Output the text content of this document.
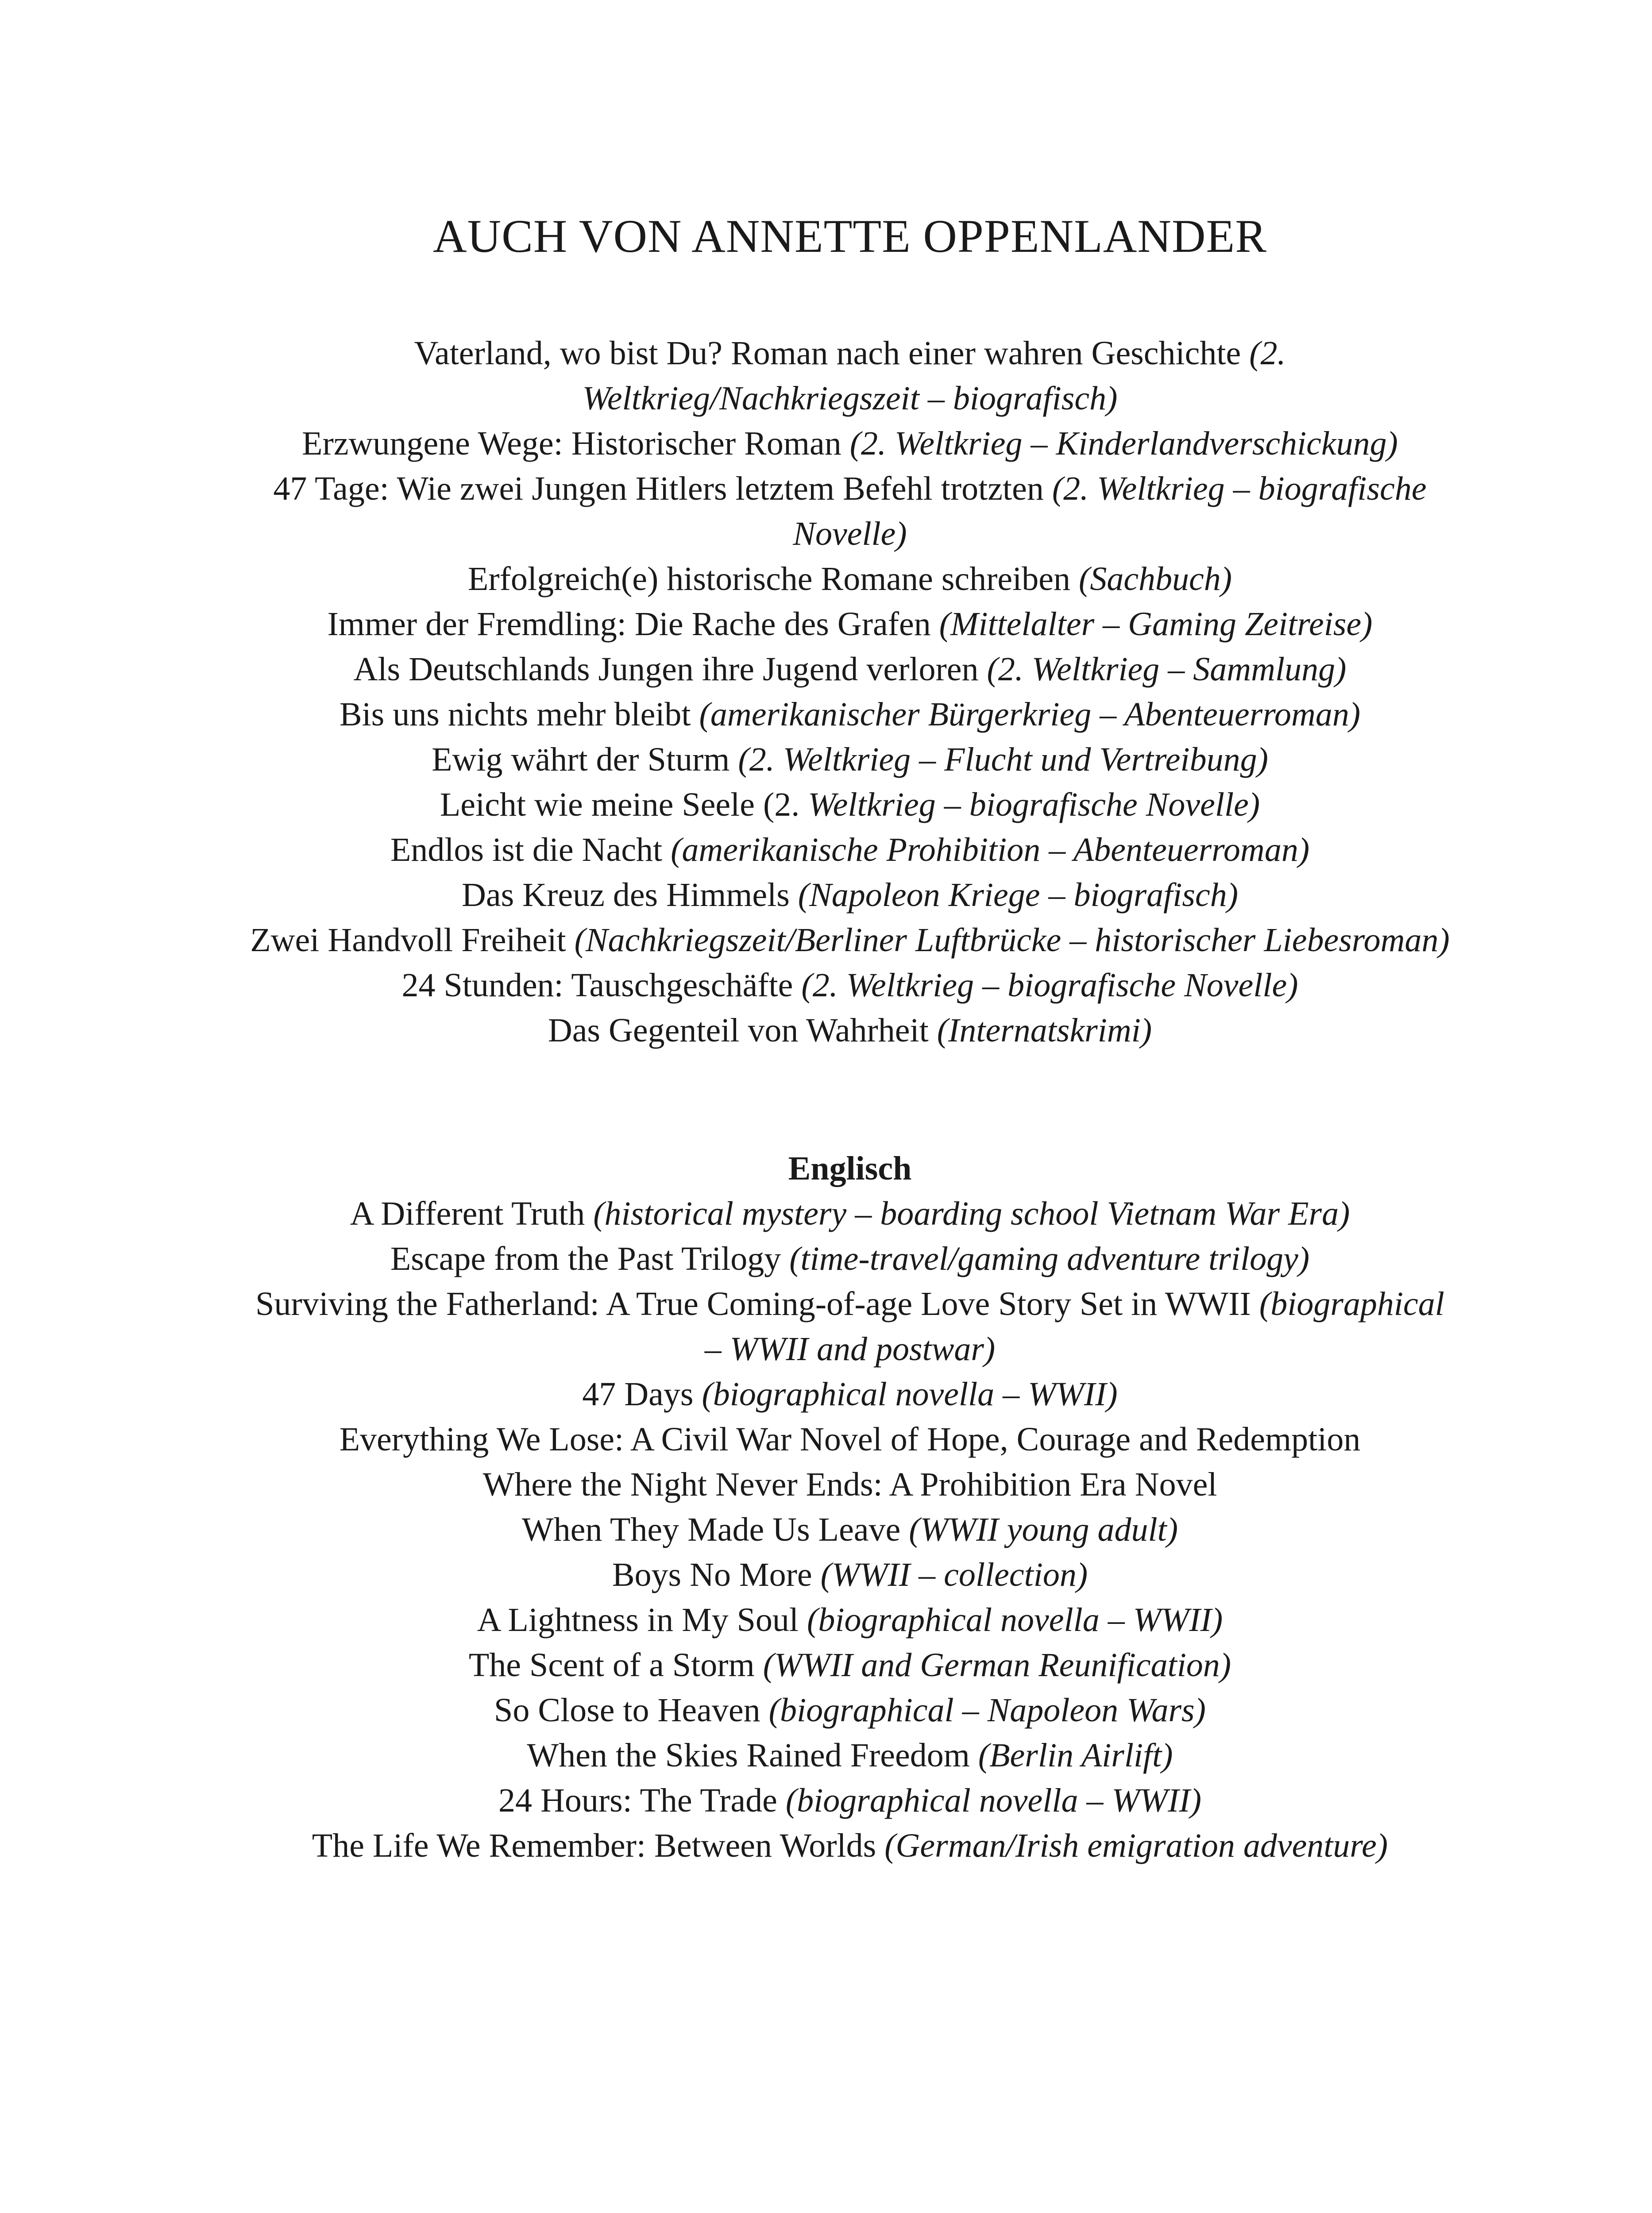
AUCH VON ANNETTE OPPENLANDER
Vaterland, wo bist Du? Roman nach einer wahren Geschichte (2. Weltkrieg/Nachkriegszeit – biografisch)
Erzwungene Wege: Historischer Roman (2. Weltkrieg – Kinderlandverschickung)
47 Tage: Wie zwei Jungen Hitlers letztem Befehl trotzten (2. Weltkrieg – biografische Novelle)
Erfolgreich(e) historische Romane schreiben (Sachbuch)
Immer der Fremdling: Die Rache des Grafen (Mittelalter – Gaming Zeitreise)
Als Deutschlands Jungen ihre Jugend verloren (2. Weltkrieg – Sammlung)
Bis uns nichts mehr bleibt (amerikanischer Bürgerkrieg – Abenteuerroman)
Ewig währt der Sturm (2. Weltkrieg – Flucht und Vertreibung)
Leicht wie meine Seele (2. Weltkrieg – biografische Novelle)
Endlos ist die Nacht (amerikanische Prohibition – Abenteuerroman)
Das Kreuz des Himmels (Napoleon Kriege – biografisch)
Zwei Handvoll Freiheit (Nachkriegszeit/Berliner Luftbrücke – historischer Liebesroman)
24 Stunden: Tauschgeschäfte (2. Weltkrieg – biografische Novelle)
Das Gegenteil von Wahrheit (Internatskrimi)
Englisch
A Different Truth (historical mystery – boarding school Vietnam War Era)
Escape from the Past Trilogy (time-travel/gaming adventure trilogy)
Surviving the Fatherland: A True Coming-of-age Love Story Set in WWII (biographical – WWII and postwar)
47 Days (biographical novella – WWII)
Everything We Lose: A Civil War Novel of Hope, Courage and Redemption
Where the Night Never Ends: A Prohibition Era Novel
When They Made Us Leave (WWII young adult)
Boys No More (WWII – collection)
A Lightness in My Soul (biographical novella – WWII)
The Scent of a Storm (WWII and German Reunification)
So Close to Heaven (biographical – Napoleon Wars)
When the Skies Rained Freedom (Berlin Airlift)
24 Hours: The Trade (biographical novella – WWII)
The Life We Remember: Between Worlds (German/Irish emigration adventure)
